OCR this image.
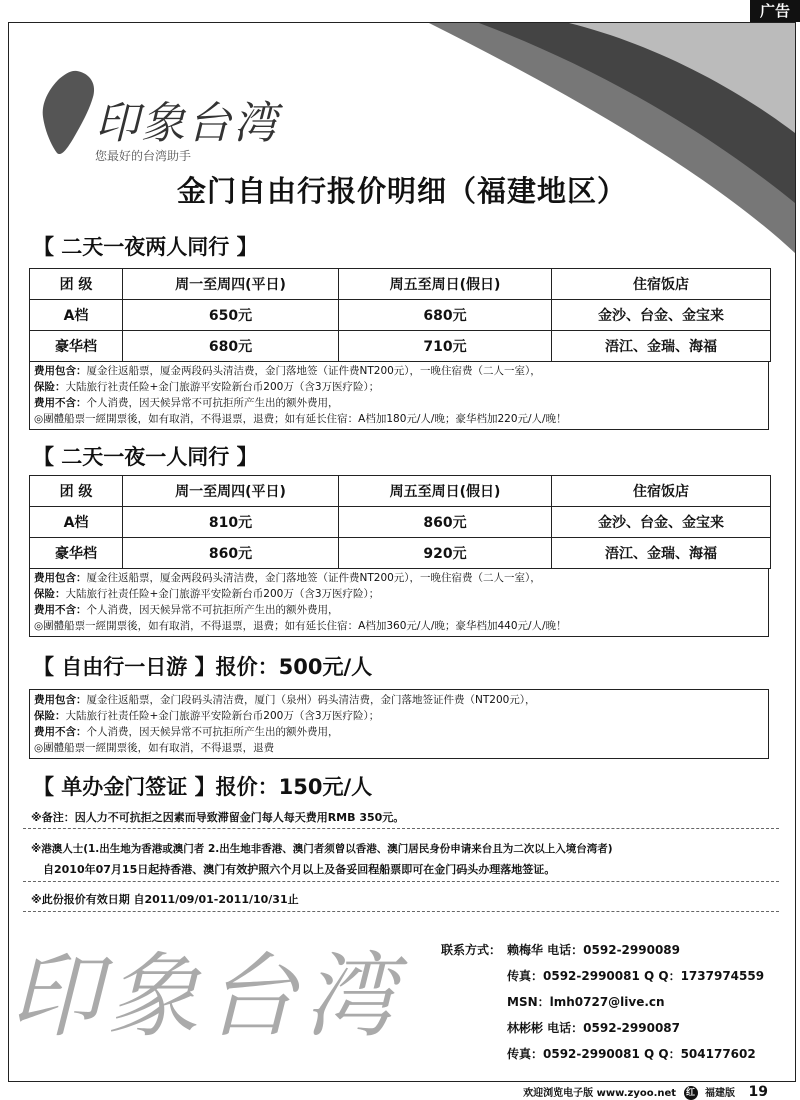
广告
印象台湾
您最好的台湾助手
金门自由行报价明细（福建地区）
【 二天一夜两人同行 】
团 级	周一至周四(平日)	周五至周日(假日)	住宿饭店
A档	650元	680元	金沙、台金、金宝来
豪华档	680元	710元	浯江、金瑞、海福
费用包含：厦金往返船票，厦金两段码头清洁费，金门落地签（证件费NT200元），一晚住宿费（二人一室），
保险：大陆旅行社责任险+金门旅游平安险新台币200万（含3万医疗险）；
费用不含：个人消费，因天候异常不可抗拒所产生出的额外费用，
◎團體船票一經開票後，如有取消，不得退票，退费；如有延长住宿：A档加180元/人/晚；豪华档加220元/人/晚！
【 二天一夜一人同行 】
团 级	周一至周四(平日)	周五至周日(假日)	住宿饭店
A档	810元	860元	金沙、台金、金宝来
豪华档	860元	920元	浯江、金瑞、海福
费用包含：厦金往返船票，厦金两段码头清洁费，金门落地签（证件费NT200元），一晚住宿费（二人一室），
保险：大陆旅行社责任险+金门旅游平安险新台币200万（含3万医疗险）；
费用不含：个人消费，因天候异常不可抗拒所产生出的额外费用，
◎團體船票一經開票後，如有取消，不得退票，退费；如有延长住宿：A档加360元/人/晚；豪华档加440元/人/晚！
【 自由行一日游 】报价：500元/人
费用包含：厦金往返船票，金门段码头清洁费，厦门（泉州）码头清洁费，金门落地签证件费（NT200元），
保险：大陆旅行社责任险+金门旅游平安险新台币200万（含3万医疗险）；
费用不含：个人消费，因天候异常不可抗拒所产生出的额外费用，
◎團體船票一經開票後，如有取消，不得退票，退费
【 单办金门签证 】报价：150元/人
※备注：因人力不可抗拒之因素而导致滞留金门每人每天费用RMB 350元。
※港澳人士(1.出生地为香港或澳门者 2.出生地非香港、澳门者须曾以香港、澳门居民身份申请来台且为二次以上入境台湾者)
自2010年07月15日起持香港、澳门有效护照六个月以上及备妥回程船票即可在金门码头办理落地签证。
※此份报价有效日期 自2011/09/01-2011/10/31止
印象台湾	联系方式： 赖梅华 电话：0592-2990089
传真：0592-2990081 Q Q：1737974559
MSN：lmh0727@live.cn
林彬彬 电话：0592-2990087
传真：0592-2990081 Q Q：504177602
欢迎浏览电子版 www.zyoo.net 红 福建版 19
